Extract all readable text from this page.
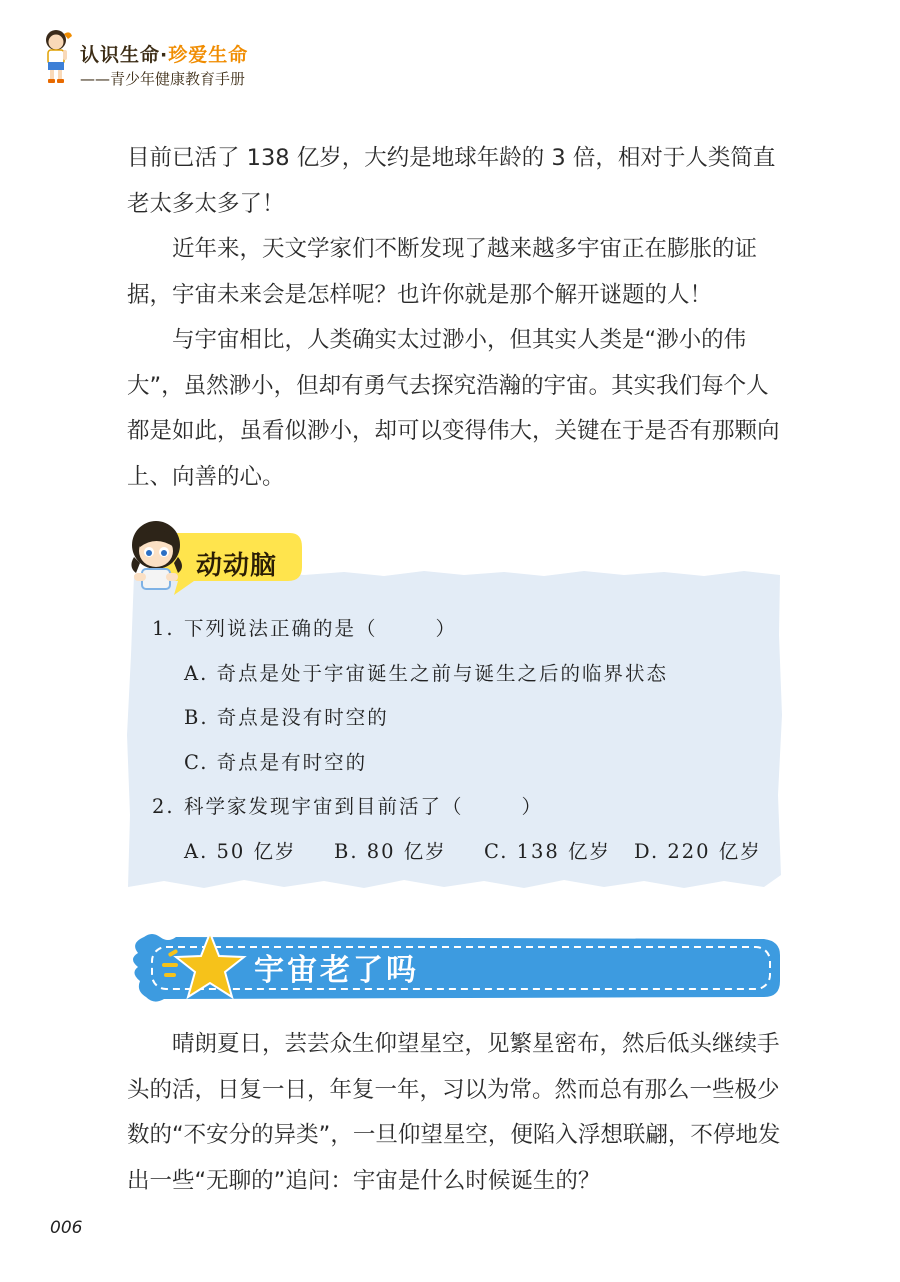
认识生命·珍爱生命
——青少年健康教育手册

目前已活了 138 亿岁，大约是地球年龄的 3 倍，相对于人类简直老太多太多了！

近年来，天文学家们不断发现了越来越多宇宙正在膨胀的证据，宇宙未来会是怎样呢？也许你就是那个解开谜题的人！

与宇宙相比，人类确实太过渺小，但其实人类是“渺小的伟大”，虽然渺小，但却有勇气去探究浩瀚的宇宙。其实我们每个人都是如此，虽看似渺小，却可以变得伟大，关键在于是否有那颗向上、向善的心。

动动脑
1. 下列说法正确的是（	）
A. 奇点是处于宇宙诞生之前与诞生之后的临界状态
B. 奇点是没有时空的
C. 奇点是有时空的
2. 科学家发现宇宙到目前活了（	）
A. 50 亿岁 B. 80 亿岁 C. 138 亿岁 D. 220 亿岁
宇宙老了吗

晴朗夏日，芸芸众生仰望星空，见繁星密布，然后低头继续手头的活，日复一日，年复一年，习以为常。然而总有那么一些极少数的“不安分的异类”，一旦仰望星空，便陷入浮想联翩，不停地发出一些“无聊的”追问：宇宙是什么时候诞生的？

006
